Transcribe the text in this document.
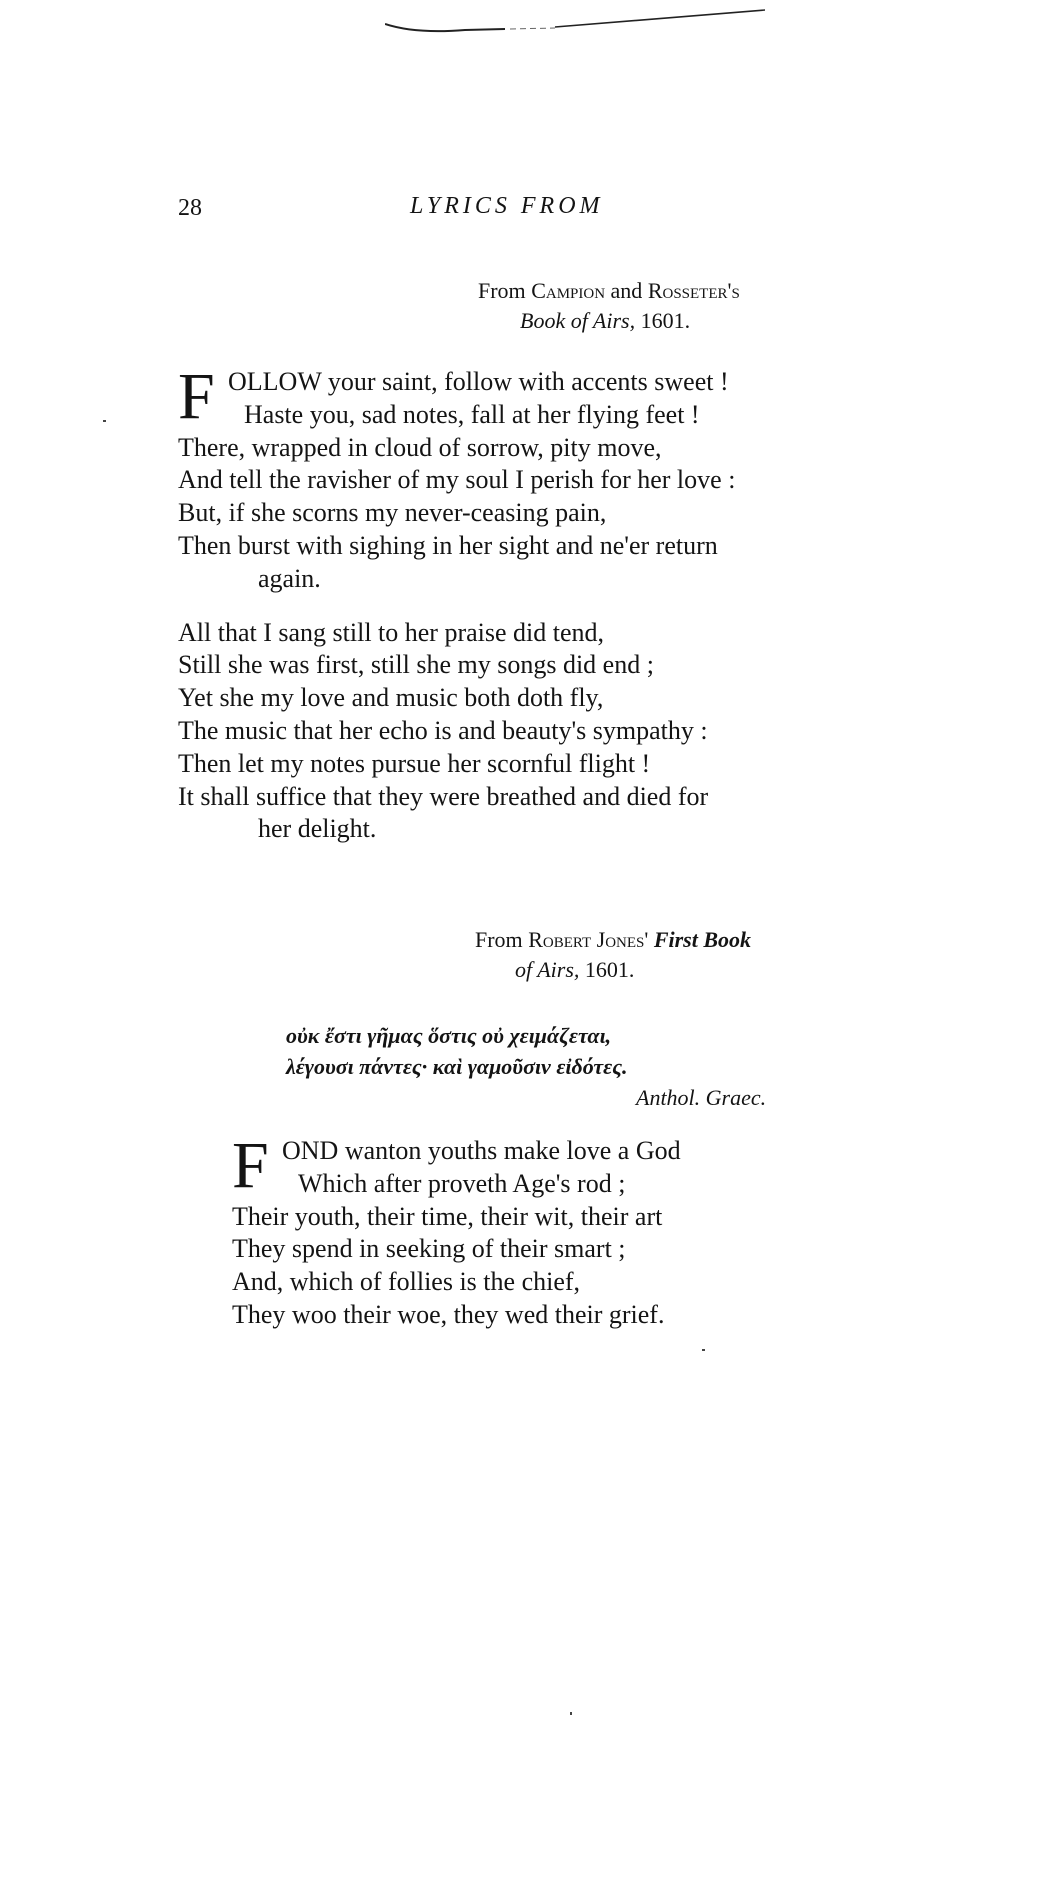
28	LYRICS FROM
From Campion and Rosseter's
Book of Airs, 1601.
F OLLOW your saint, follow with accents sweet !
Haste you, sad notes, fall at her flying feet !
There, wrapped in cloud of sorrow, pity move,
And tell the ravisher of my soul I perish for her love :
But, if she scorns my never-ceasing pain,
Then burst with sighing in her sight and ne'er return
again.
All that I sang still to her praise did tend,
Still she was first, still she my songs did end ;
Yet she my love and music both doth fly,
The music that her echo is and beauty's sympathy :
Then let my notes pursue her scornful flight !
It shall suffice that they were breathed and died for
her delight.
From Robert Jones' First Book
of Airs, 1601.
οὐκ ἔστι γῆμας ὅστις οὐ χειμάζεται,
λέγουσι πάντες· καὶ γαμοῦσιν εἰδότες.
Anthol. Graec.
F OND wanton youths make love a God
Which after proveth Age's rod ;
Their youth, their time, their wit, their art
They spend in seeking of their smart ;
And, which of follies is the chief,
They woo their woe, they wed their grief.
